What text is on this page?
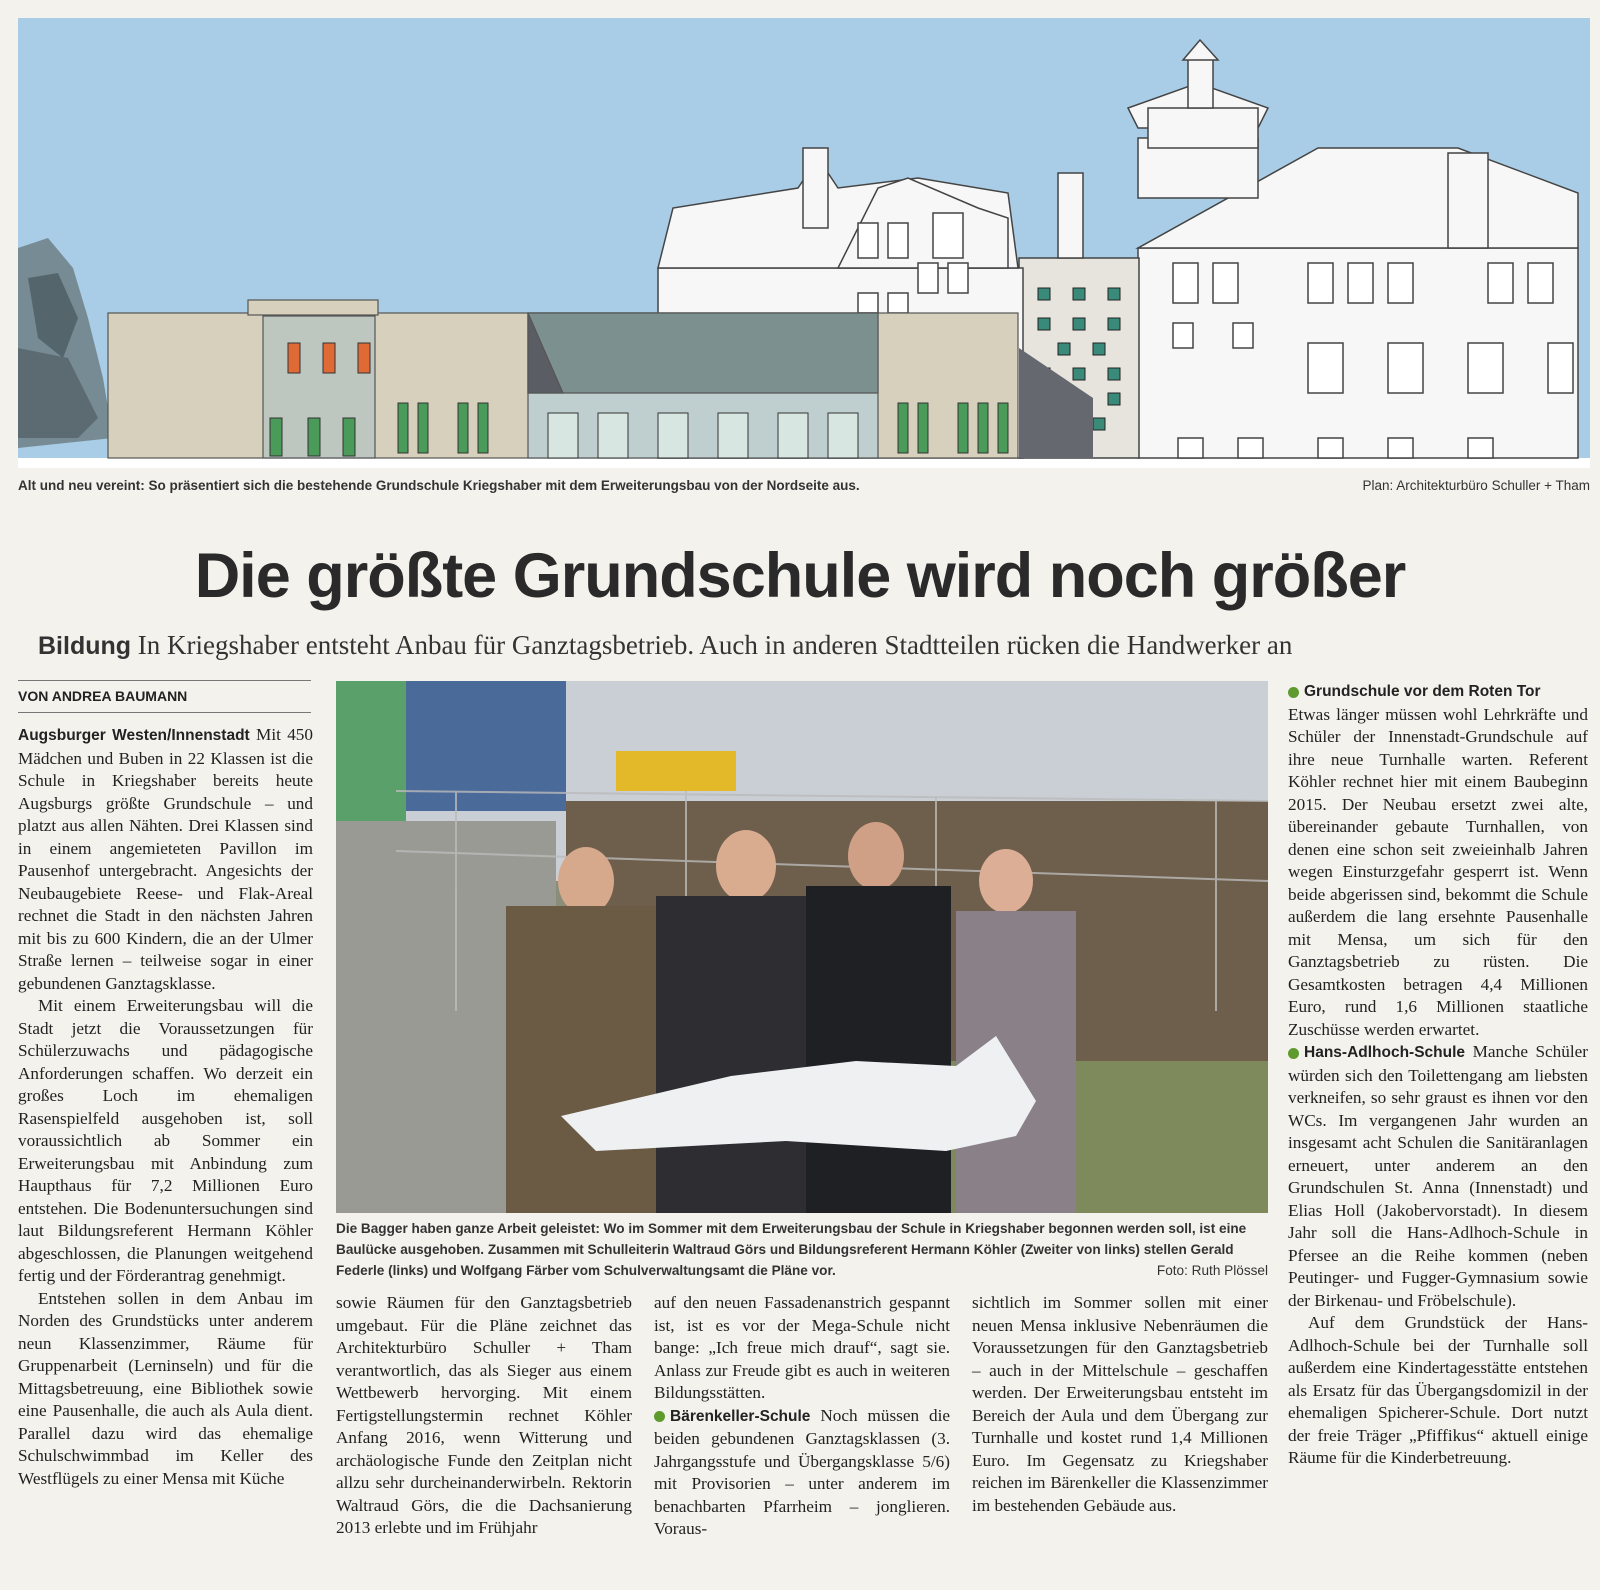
Alt und neu vereint: So präsentiert sich die bestehende Grundschule Kriegshaber mit dem Erweiterungsbau von der Nordseite aus.	Plan: Architekturbüro Schuller + Tham
Die größte Grundschule wird noch größer
Bildung In Kriegshaber entsteht Anbau für Ganztagsbetrieb. Auch in anderen Stadtteilen rücken die Handwerker an
VON ANDREA BAUMANN

Augsburger Westen/Innenstadt Mit 450 Mädchen und Buben in 22 Klassen ist die Schule in Kriegshaber bereits heute Augsburgs größte Grundschule – und platzt aus allen Nähten. Drei Klassen sind in einem angemieteten Pavillon im Pausenhof untergebracht. Angesichts der Neubaugebiete Reese- und Flak-Areal rechnet die Stadt in den nächsten Jahren mit bis zu 600 Kindern, die an der Ulmer Straße lernen – teilweise sogar in einer gebundenen Ganztagsklasse.

Mit einem Erweiterungsbau will die Stadt jetzt die Voraussetzungen für Schülerzuwachs und pädagogische Anforderungen schaffen. Wo derzeit ein großes Loch im ehemaligen Rasenspielfeld ausgehoben ist, soll voraussichtlich ab Sommer ein Erweiterungsbau mit Anbindung zum Haupthaus für 7,2 Millionen Euro entstehen. Die Bodenuntersuchungen sind laut Bildungsreferent Hermann Köhler abgeschlossen, die Planungen weitgehend fertig und der Förderantrag genehmigt.

Entstehen sollen in dem Anbau im Norden des Grundstücks unter anderem neun Klassenzimmer, Räume für Gruppenarbeit (Lerninseln) und für die Mittagsbetreuung, eine Bibliothek sowie eine Pausenhalle, die auch als Aula dient. Parallel dazu wird das ehemalige Schulschwimmbad im Keller des Westflügels zu einer Mensa mit Küche

Die Bagger haben ganze Arbeit geleistet: Wo im Sommer mit dem Erweiterungsbau der Schule in Kriegshaber begonnen werden soll, ist eine Baulücke ausgehoben. Zusammen mit Schulleiterin Waltraud Görs und Bildungsreferent Hermann Köhler (Zweiter von links) stellen Gerald Federle (links) und Wolfgang Färber vom Schulverwaltungsamt die Pläne vor.	Foto: Ruth Plössel

sowie Räumen für den Ganztagsbetrieb umgebaut. Für die Pläne zeichnet das Architekturbüro Schuller + Tham verantwortlich, das als Sieger aus einem Wettbewerb hervorging. Mit einem Fertigstellungstermin rechnet Köhler Anfang 2016, wenn Witterung und archäologische Funde den Zeitplan nicht allzu sehr durcheinanderwirbeln. Rektorin Waltraud Görs, die die Dachsanierung 2013 erlebte und im Frühjahr

auf den neuen Fassadenanstrich gespannt ist, ist es vor der Mega-Schule nicht bange: „Ich freue mich drauf“, sagt sie. Anlass zur Freude gibt es auch in weiteren Bildungsstätten.

Bärenkeller-Schule Noch müssen die beiden gebundenen Ganztagsklassen (3. Jahrgangsstufe und Übergangsklasse 5/6) mit Provisorien – unter anderem im benachbarten Pfarrheim – jonglieren. Voraus-

sichtlich im Sommer sollen mit einer neuen Mensa inklusive Nebenräumen die Voraussetzungen für den Ganztagsbetrieb – auch in der Mittelschule – geschaffen werden. Der Erweiterungsbau entsteht im Bereich der Aula und dem Übergang zur Turnhalle und kostet rund 1,4 Millionen Euro. Im Gegensatz zu Kriegshaber reichen im Bärenkeller die Klassenzimmer im bestehenden Gebäude aus.

Grundschule vor dem Roten Tor

Etwas länger müssen wohl Lehrkräfte und Schüler der Innenstadt-Grundschule auf ihre neue Turnhalle warten. Referent Köhler rechnet hier mit einem Baubeginn 2015. Der Neubau ersetzt zwei alte, übereinander gebaute Turnhallen, von denen eine schon seit zweieinhalb Jahren wegen Einsturzgefahr gesperrt ist. Wenn beide abgerissen sind, bekommt die Schule außerdem die lang ersehnte Pausenhalle mit Mensa, um sich für den Ganztagsbetrieb zu rüsten. Die Gesamtkosten betragen 4,4 Millionen Euro, rund 1,6 Millionen staatliche Zuschüsse werden erwartet.

Hans-Adlhoch-Schule Manche Schüler würden sich den Toilettengang am liebsten verkneifen, so sehr graust es ihnen vor den WCs. Im vergangenen Jahr wurden an insgesamt acht Schulen die Sanitäranlagen erneuert, unter anderem an den Grundschulen St. Anna (Innenstadt) und Elias Holl (Jakobervorstadt). In diesem Jahr soll die Hans-Adlhoch-Schule in Pfersee an die Reihe kommen (neben Peutinger- und Fugger-Gymnasium sowie der Birkenau- und Fröbelschule).

Auf dem Grundstück der Hans-Adlhoch-Schule bei der Turnhalle soll außerdem eine Kindertagesstätte entstehen als Ersatz für das Übergangsdomizil in der ehemaligen Spicherer-Schule. Dort nutzt der freie Träger „Pfiffikus“ aktuell einige Räume für die Kinderbetreuung.
